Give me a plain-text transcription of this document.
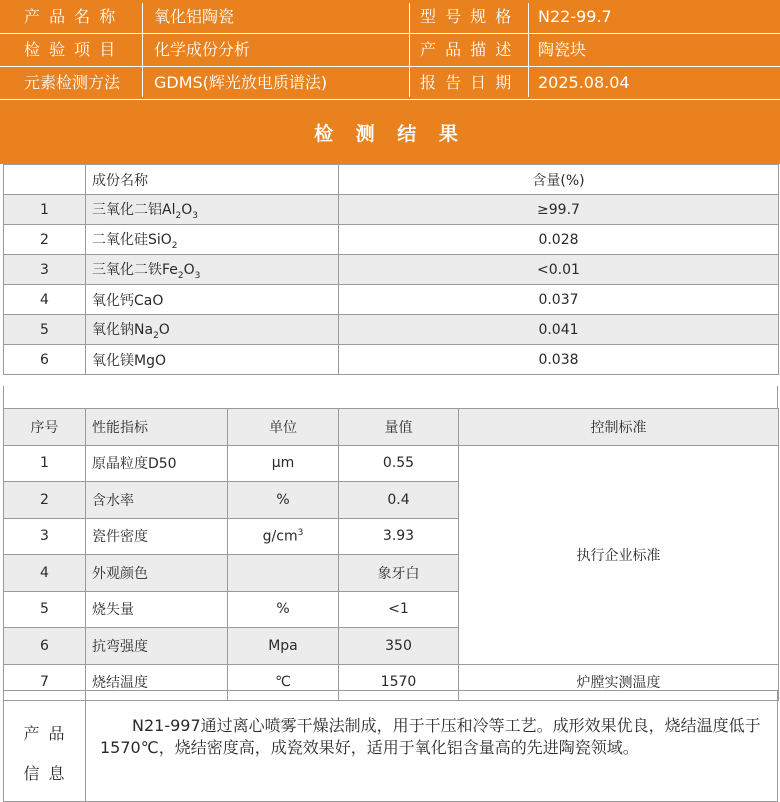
产 品 名 称	氧化铝陶瓷	型 号 规 格	N22-99.7
检 验 项 目	化学成份分析	产 品 描 述	陶瓷块
元素检测方法	GDMS(辉光放电质谱法)	报 告 日 期	2025.08.04
检 测 结 果
	成份名称	含量(%)
1	三氧化二铝$Al_2O_3$	≥99.7
2	二氧化硅SiO$_2$	0.028
3	三氧化二铁$Fe_2O_3$	<0.01
4	氧化钙CaO	0.037
5	氧化钠$Na_2O$	0.041
6	氧化镁MgO	0.038
序号	性能指标	单位	量值	控制标准
1	原晶粒度D50	μm	0.55	执行企业标准
2	含水率	%	0.4	
3	瓷件密度	$g/cm^3$	3.93	
4	外观颜色		象牙白	
5	烧失量	%	<1	
6	抗弯强度	Mpa	350	
7	烧结温度	℃	1570	炉膛实测温度
产 品
信 息
N21-997通过离心喷雾干燥法制成，用于干压和冷等工艺。成形效果优良，烧结温度低于1570℃，烧结密度高，成瓷效果好，适用于氧化铝含量高的先进陶瓷领域。
